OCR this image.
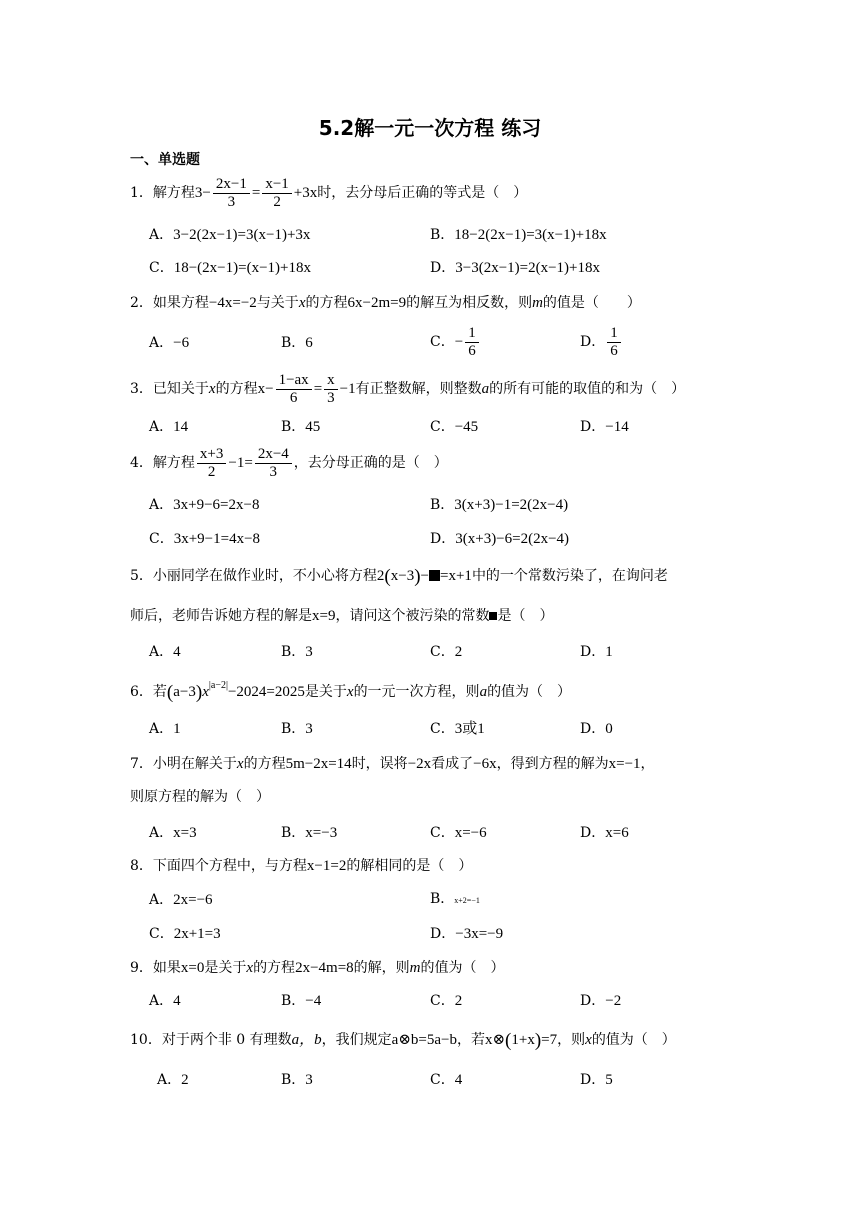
5.2解一元一次方程 练习
一、单选题
1．解方程$3- \frac{2x-1}{3} = \frac{x-1}{2} +3x$时，去分母后正确的等式是（　）
A．3−2(2x−1)=3(x−1)+3x	B．18−2(2x−1)=3(x−1)+18x
C．18−(2x−1)=(x−1)+18x	D．3−3(2x−1)=2(x−1)+18x
2．如果方程−4x=−2与关于x的方程6x−2m=9的解互为相反数，则m的值是（　　）
A．−6	B．6	C．− $\frac{1}{6}$	D． $\frac{1}{6}$
3．已知关于x的方程$x- \frac{1-ax}{6} = \frac{x}{3} -1$有正整数解，则整数a的所有可能的取值的和为（　）
A．14	B．45	C．−45	D．−14
4．解方程 $\frac{x+3}{2} -1= \frac{2x-4}{3}$ ，去分母正确的是（　）
A．3x+9−6=2x−8	B．3(x+3)−1=2(2x−4)
C．3x+9−1=4x−8	D．3(x+3)−6=2(2x−4)
5．小丽同学在做作业时，不小心将方程2(x−3)− =x+1中的一个常数污染了，在询问老
师后，老师告诉她方程的解是x=9，请问这个被污染的常数 是（　）
A．4	B．3	C．2	D．1
6．若$(a-3)x^{|a-2|}-2024=2025$是关于x的一元一次方程，则a的值为（　）
A．1	B．3	C．3或1	D．0
7．小明在解关于x的方程5m−2x=14时，误将−2x看成了−6x，得到方程的解为x=−1，
则原方程的解为（　）
A．x=3	B．x=−3	C．x=−6	D．x=6
8．下面四个方程中，与方程x−1=2的解相同的是（　）
A．2x=−6	B．x+2=−1
C．2x+1=3	D．−3x=−9
9．如果x=0是关于x的方程2x−4m=8的解，则m的值为（　）
A．4	B．−4	C．2	D．−2
10．对于两个非 0 有理数a，b，我们规定a⊗b=5a−b，若x⊗(1+x)=7，则x的值为（　）
A．2	B．3	C．4	D．5
